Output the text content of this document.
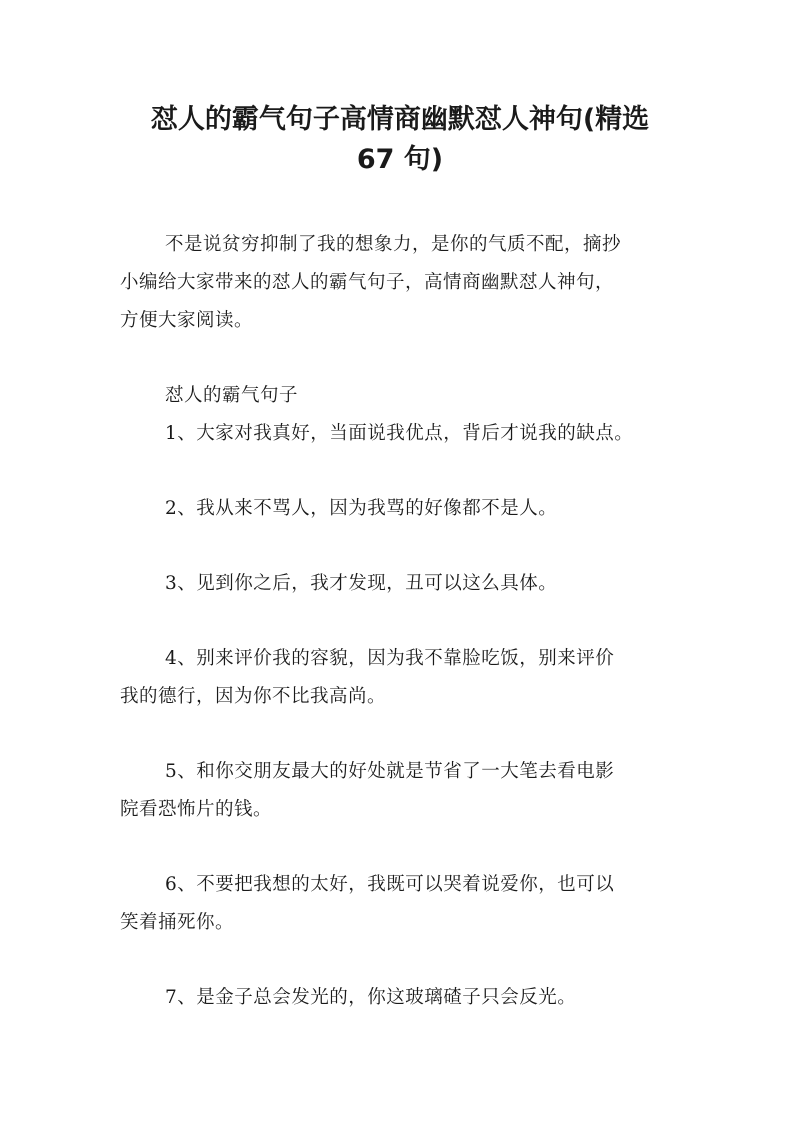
怼人的霸气句子高情商幽默怼人神句(精选
67 句)
不是说贫穷抑制了我的想象力，是你的气质不配，摘抄
小编给大家带来的怼人的霸气句子，高情商幽默怼人神句，
方便大家阅读。
怼人的霸气句子
1、大家对我真好，当面说我优点，背后才说我的缺点。
2、我从来不骂人，因为我骂的好像都不是人。
3、见到你之后，我才发现，丑可以这么具体。
4、别来评价我的容貌，因为我不靠脸吃饭，别来评价
我的德行，因为你不比我高尚。
5、和你交朋友最大的好处就是节省了一大笔去看电影
院看恐怖片的钱。
6、不要把我想的太好，我既可以哭着说爱你，也可以
笑着捅死你。
7、是金子总会发光的，你这玻璃碴子只会反光。
